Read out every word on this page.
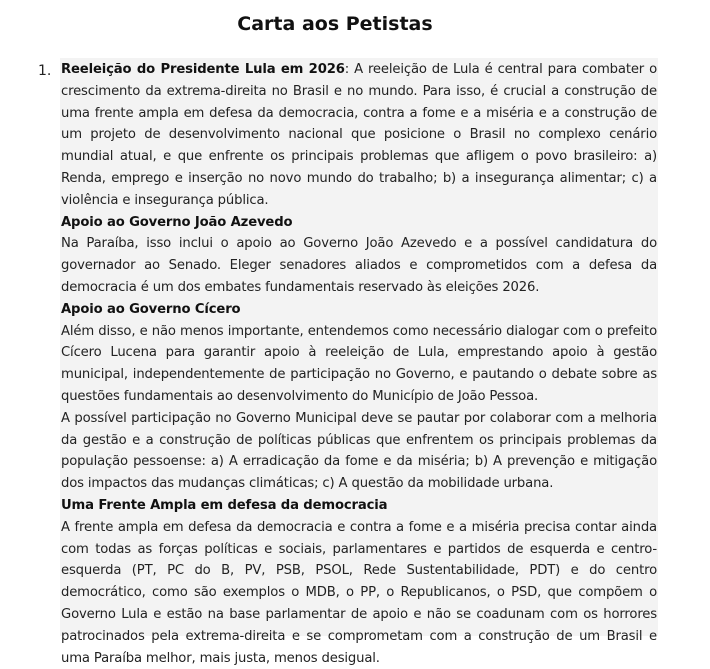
Carta aos Petistas
1. Reeleição do Presidente Lula em 2026: A reeleição de Lula é central para combater o crescimento da extrema-direita no Brasil e no mundo. Para isso, é crucial a construção de uma frente ampla em defesa da democracia, contra a fome e a miséria e a construção de um projeto de desenvolvimento nacional que posicione o Brasil no complexo cenário mundial atual, e que enfrente os principais problemas que afligem o povo brasileiro: a) Renda, emprego e inserção no novo mundo do trabalho; b) a insegurança alimentar; c) a violência e insegurança pública.

Apoio ao Governo João Azevedo

Na Paraíba, isso inclui o apoio ao Governo João Azevedo e a possível candidatura do governador ao Senado. Eleger senadores aliados e comprometidos com a defesa da democracia é um dos embates fundamentais reservado às eleições 2026.

Apoio ao Governo Cícero

Além disso, e não menos importante, entendemos como necessário dialogar com o prefeito Cícero Lucena para garantir apoio à reeleição de Lula, emprestando apoio à gestão municipal, independentemente de participação no Governo, e pautando o debate sobre as questões fundamentais ao desenvolvimento do Município de João Pessoa.

A possível participação no Governo Municipal deve se pautar por colaborar com a melhoria da gestão e a construção de políticas públicas que enfrentem os principais problemas da população pessoense: a) A erradicação da fome e da miséria; b) A prevenção e mitigação dos impactos das mudanças climáticas; c) A questão da mobilidade urbana.

Uma Frente Ampla em defesa da democracia

A frente ampla em defesa da democracia e contra a fome e a miséria precisa contar ainda com todas as forças políticas e sociais, parlamentares e partidos de esquerda e centro-esquerda (PT, PC do B, PV, PSB, PSOL, Rede Sustentabilidade, PDT) e do centro democrático, como são exemplos o MDB, o PP, o Republicanos, o PSD, que compõem o Governo Lula e estão na base parlamentar de apoio e não se coadunam com os horrores patrocinados pela extrema-direita e se comprometam com a construção de um Brasil e uma Paraíba melhor, mais justa, menos desigual.
